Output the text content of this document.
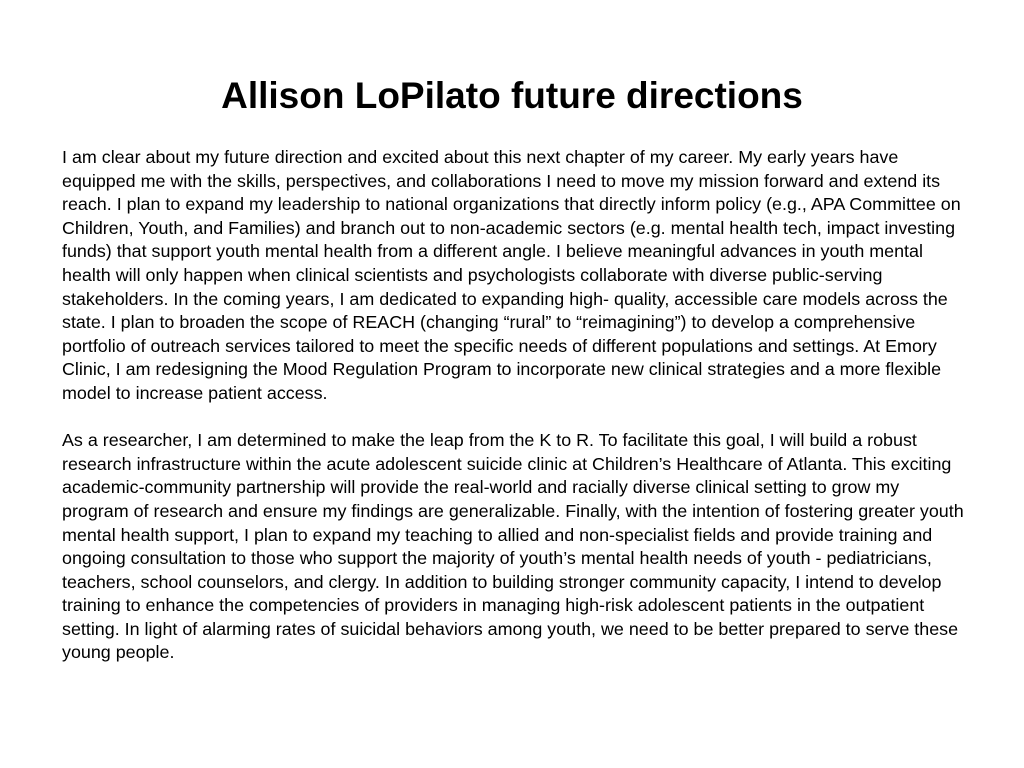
Allison LoPilato future directions

I am clear about my future direction and excited about this next chapter of my career. My early years have equipped me with the skills, perspectives, and collaborations I need to move my mission forward and extend its reach. I plan to expand my leadership to national organizations that directly inform policy (e.g., APA Committee on Children, Youth, and Families) and branch out to non-academic sectors (e.g. mental health tech, impact investing funds) that support youth mental health from a different angle. I believe meaningful advances in youth mental health will only happen when clinical scientists and psychologists collaborate with diverse public-serving stakeholders. In the coming years, I am dedicated to expanding high- quality, accessible care models across the state. I plan to broaden the scope of REACH (changing “rural” to “reimagining”) to develop a comprehensive portfolio of outreach services tailored to meet the specific needs of different populations and settings. At Emory Clinic, I am redesigning the Mood Regulation Program to incorporate new clinical strategies and a more flexible model to increase patient access.

As a researcher, I am determined to make the leap from the K to R. To facilitate this goal, I will build a robust research infrastructure within the acute adolescent suicide clinic at Children’s Healthcare of Atlanta. This exciting academic-community partnership will provide the real-world and racially diverse clinical setting to grow my program of research and ensure my findings are generalizable. Finally, with the intention of fostering greater youth mental health support, I plan to expand my teaching to allied and non-specialist fields and provide training and ongoing consultation to those who support the majority of youth’s mental health needs of youth - pediatricians, teachers, school counselors, and clergy. In addition to building stronger community capacity, I intend to develop training to enhance the competencies of providers in managing high-risk adolescent patients in the outpatient setting. In light of alarming rates of suicidal behaviors among youth, we need to be better prepared to serve these young people.
